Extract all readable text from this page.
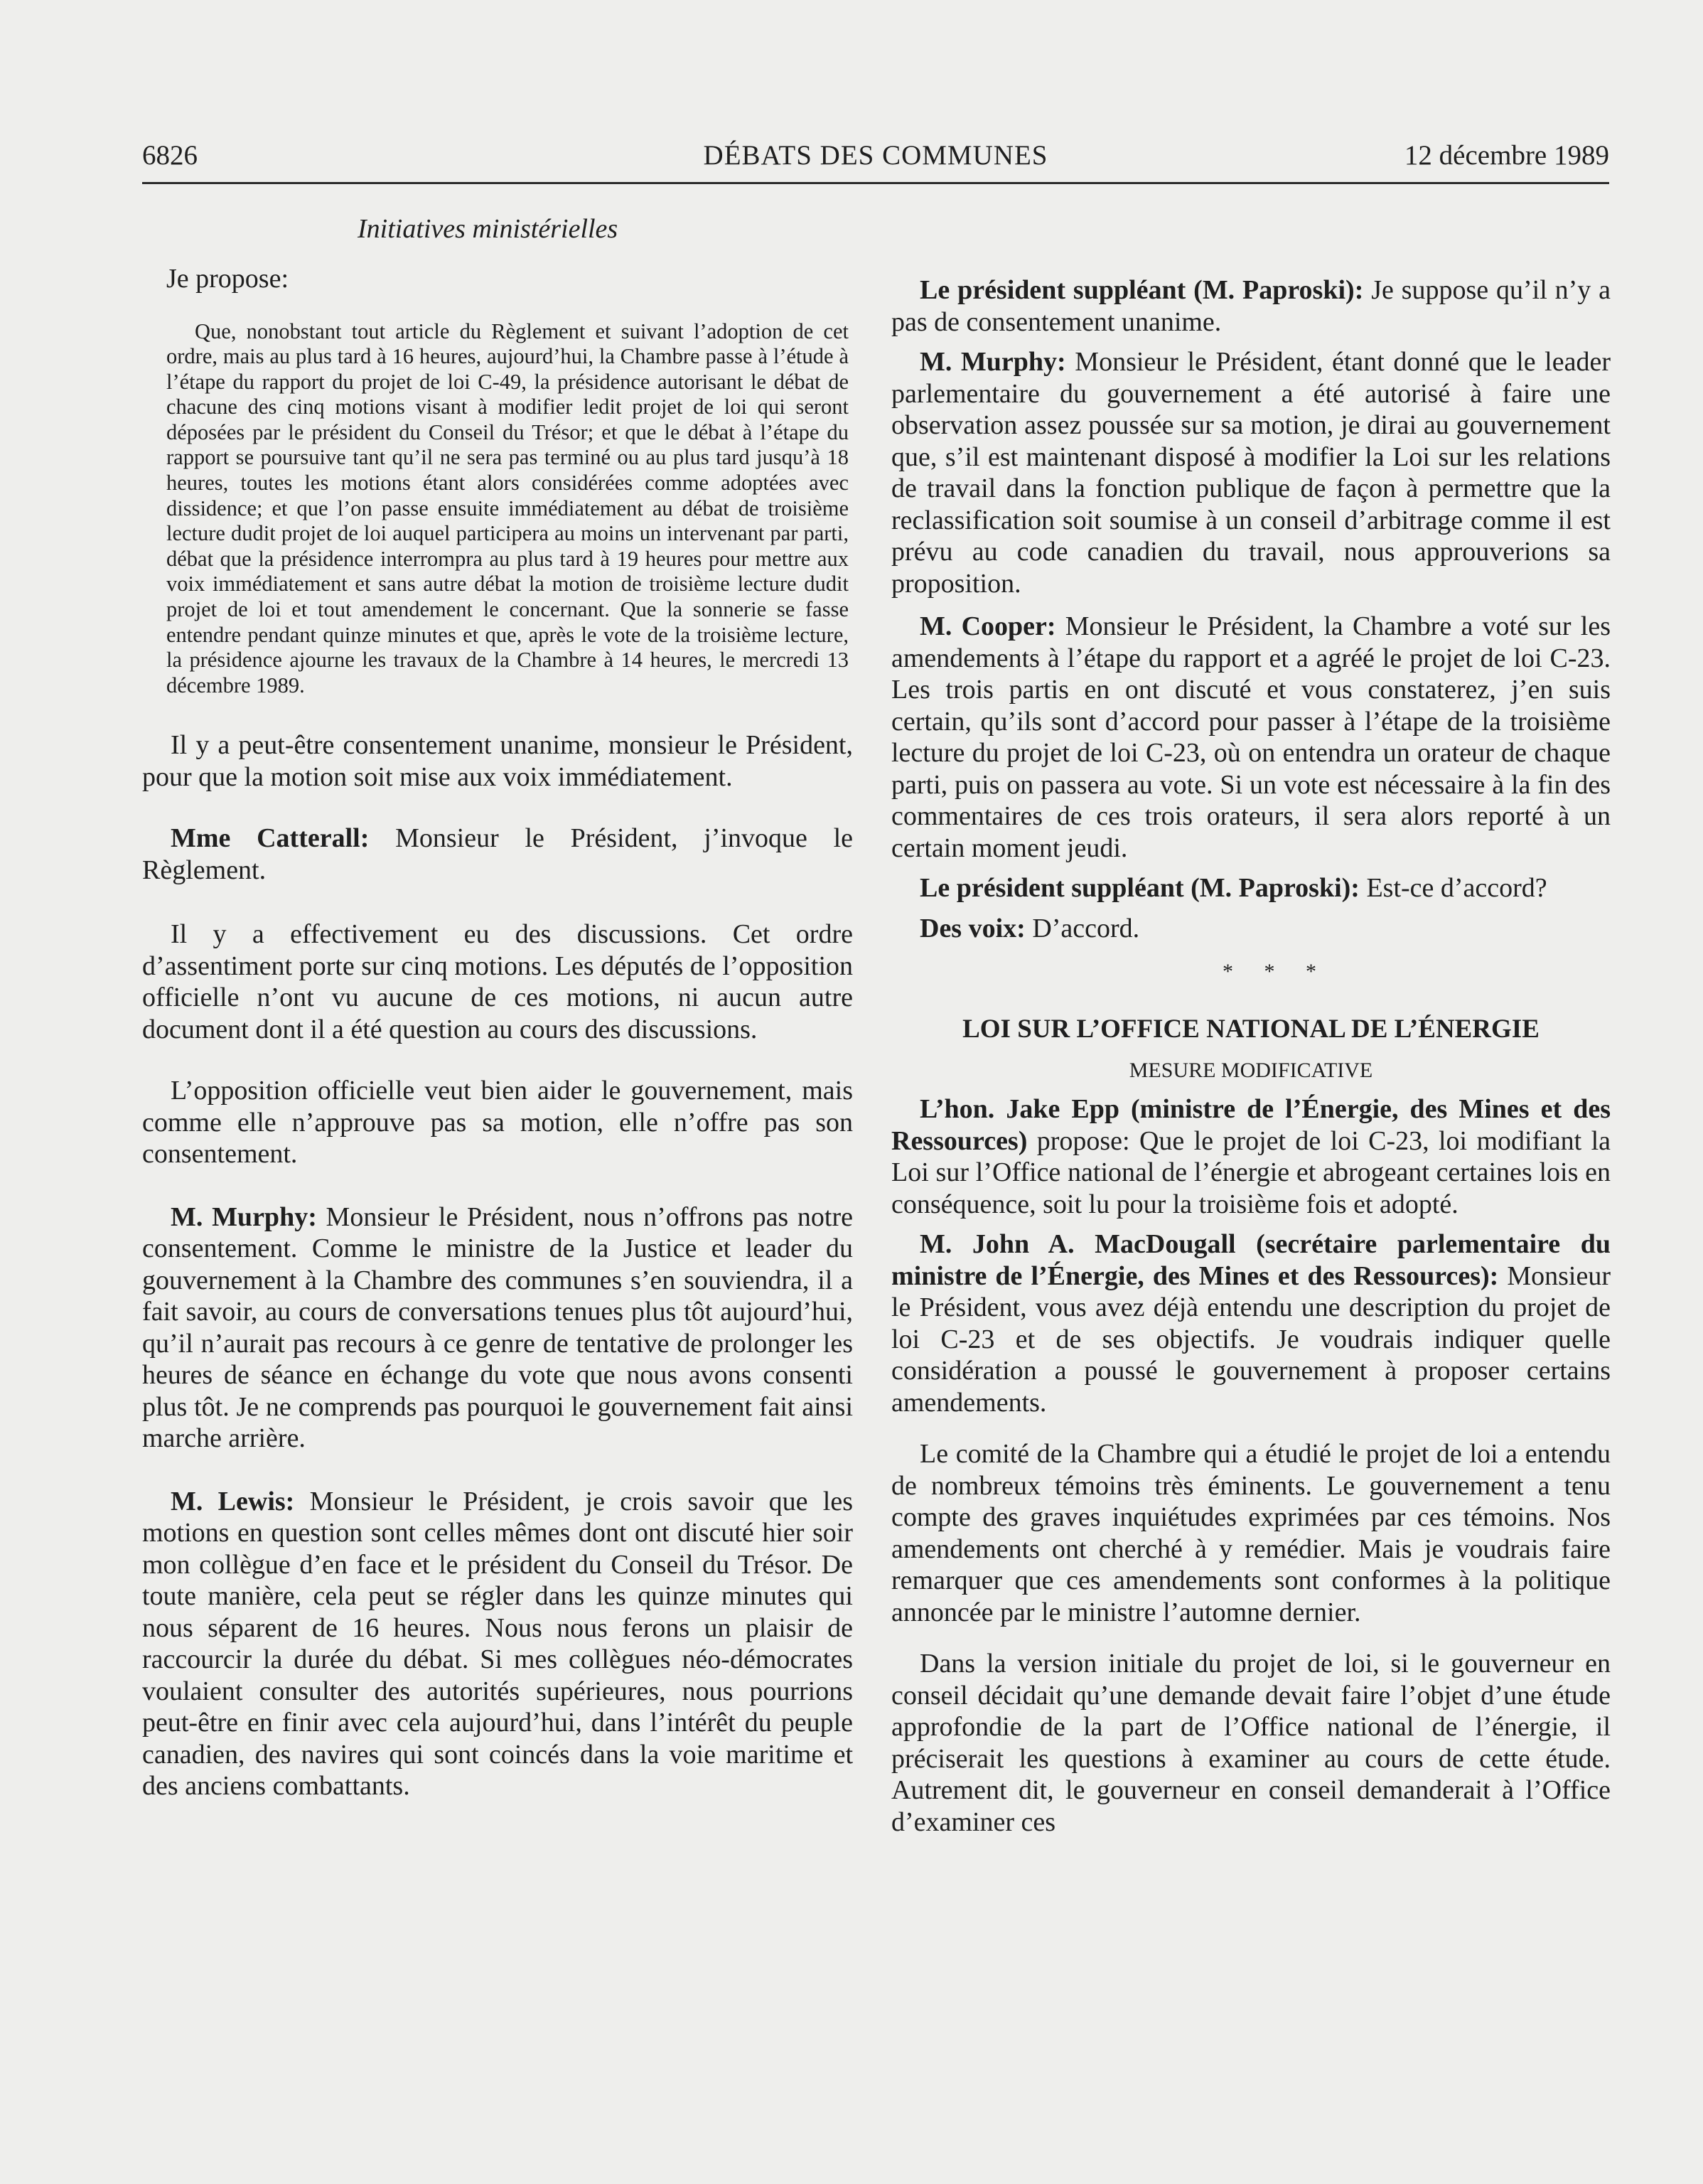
6826	DÉBATS DES COMMUNES	12 décembre 1989

Initiatives ministérielles

Je propose:

Que, nonobstant tout article du Règlement et suivant l’adoption de cet ordre, mais au plus tard à 16 heures, aujourd’hui, la Chambre passe à l’étude à l’étape du rapport du projet de loi C-49, la présidence autorisant le débat de chacune des cinq motions visant à modifier ledit projet de loi qui seront déposées par le président du Conseil du Trésor; et que le débat à l’étape du rapport se poursuive tant qu’il ne sera pas terminé ou au plus tard jusqu’à 18 heures, toutes les motions étant alors considérées comme adoptées avec dissidence; et que l’on passe ensuite immédiatement au débat de troisième lecture dudit projet de loi auquel participera au moins un intervenant par parti, débat que la présidence interrompra au plus tard à 19 heures pour mettre aux voix immédiatement et sans autre débat la motion de troisième lecture dudit projet de loi et tout amendement le concernant. Que la sonnerie se fasse entendre pendant quinze minutes et que, après le vote de la troisième lecture, la présidence ajourne les travaux de la Chambre à 14 heures, le mercredi 13 décembre 1989.

Il y a peut-être consentement unanime, monsieur le Président, pour que la motion soit mise aux voix immédiatement.

Mme Catterall: Monsieur le Président, j’invoque le Règlement.

Il y a effectivement eu des discussions. Cet ordre d’assentiment porte sur cinq motions. Les députés de l’opposition officielle n’ont vu aucune de ces motions, ni aucun autre document dont il a été question au cours des discussions.

L’opposition officielle veut bien aider le gouvernement, mais comme elle n’approuve pas sa motion, elle n’offre pas son consentement.

M. Murphy: Monsieur le Président, nous n’offrons pas notre consentement. Comme le ministre de la Justice et leader du gouvernement à la Chambre des communes s’en souviendra, il a fait savoir, au cours de conversations tenues plus tôt aujourd’hui, qu’il n’aurait pas recours à ce genre de tentative de prolonger les heures de séance en échange du vote que nous avons consenti plus tôt. Je ne comprends pas pourquoi le gouvernement fait ainsi marche arrière.

M. Lewis: Monsieur le Président, je crois savoir que les motions en question sont celles mêmes dont ont discuté hier soir mon collègue d’en face et le président du Conseil du Trésor. De toute manière, cela peut se régler dans les quinze minutes qui nous séparent de 16 heures. Nous nous ferons un plaisir de raccourcir la durée du débat. Si mes collègues néo-démocrates voulaient consulter des autorités supérieures, nous pourrions peut-être en finir avec cela aujourd’hui, dans l’intérêt du peuple canadien, des navires qui sont coincés dans la voie maritime et des anciens combattants.

Le président suppléant (M. Paproski): Je suppose qu’il n’y a pas de consentement unanime.

M. Murphy: Monsieur le Président, étant donné que le leader parlementaire du gouvernement a été autorisé à faire une observation assez poussée sur sa motion, je dirai au gouvernement que, s’il est maintenant disposé à modifier la Loi sur les relations de travail dans la fonction publique de façon à permettre que la reclassification soit soumise à un conseil d’arbitrage comme il est prévu au code canadien du travail, nous approuverions sa proposition.

M. Cooper: Monsieur le Président, la Chambre a voté sur les amendements à l’étape du rapport et a agréé le projet de loi C-23. Les trois partis en ont discuté et vous constaterez, j’en suis certain, qu’ils sont d’accord pour passer à l’étape de la troisième lecture du projet de loi C-23, où on entendra un orateur de chaque parti, puis on passera au vote. Si un vote est nécessaire à la fin des commentaires de ces trois orateurs, il sera alors reporté à un certain moment jeudi.

Le président suppléant (M. Paproski): Est-ce d’accord?

Des voix: D’accord.

* * *

LOI SUR L’OFFICE NATIONAL DE L’ÉNERGIE

MESURE MODIFICATIVE

L’hon. Jake Epp (ministre de l’Énergie, des Mines et des Ressources) propose: Que le projet de loi C-23, loi modifiant la Loi sur l’Office national de l’énergie et abrogeant certaines lois en conséquence, soit lu pour la troisième fois et adopté.

M. John A. MacDougall (secrétaire parlementaire du ministre de l’Énergie, des Mines et des Ressources): Monsieur le Président, vous avez déjà entendu une description du projet de loi C-23 et de ses objectifs. Je voudrais indiquer quelle considération a poussé le gouvernement à proposer certains amendements.

Le comité de la Chambre qui a étudié le projet de loi a entendu de nombreux témoins très éminents. Le gouvernement a tenu compte des graves inquiétudes exprimées par ces témoins. Nos amendements ont cherché à y remédier. Mais je voudrais faire remarquer que ces amendements sont conformes à la politique annoncée par le ministre l’automne dernier.

Dans la version initiale du projet de loi, si le gouverneur en conseil décidait qu’une demande devait faire l’objet d’une étude approfondie de la part de l’Office national de l’énergie, il préciserait les questions à examiner au cours de cette étude. Autrement dit, le gouverneur en conseil demanderait à l’Office d’examiner ces
